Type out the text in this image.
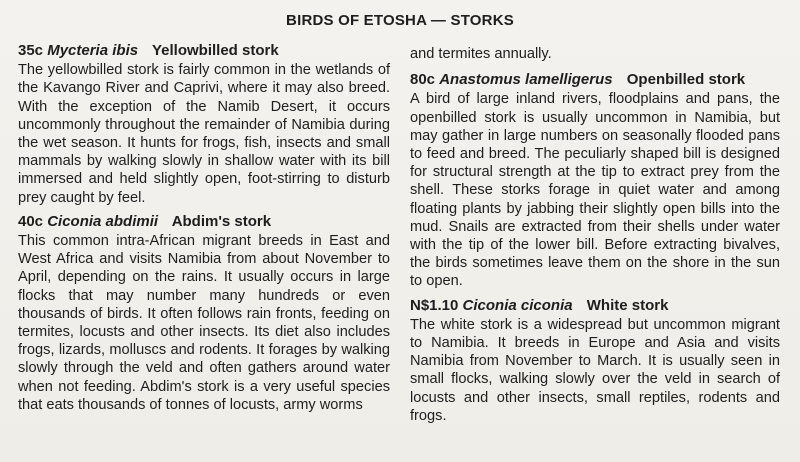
BIRDS OF ETOSHA — STORKS
35c Mycteria ibis Yellowbilled stork

The yellowbilled stork is fairly common in the wetlands of the Kavango River and Caprivi, where it may also breed. With the exception of the Namib Desert, it occurs uncommonly throughout the remainder of Namibia during the wet season. It hunts for frogs, fish, insects and small mammals by walking slowly in shallow water with its bill immersed and held slightly open, foot-stirring to disturb prey caught by feel.

40c Ciconia abdimii Abdim's stork

This common intra-African migrant breeds in East and West Africa and visits Namibia from about November to April, depending on the rains. It usually occurs in large flocks that may number many hundreds or even thousands of birds. It often follows rain fronts, feeding on termites, locusts and other insects. Its diet also includes frogs, lizards, molluscs and rodents. It forages by walking slowly through the veld and often gathers around water when not feeding. Abdim's stork is a very useful species that eats thousands of tonnes of locusts, army worms

and termites annually.

80c Anastomus lamelligerus Openbilled stork

A bird of large inland rivers, floodplains and pans, the openbilled stork is usually uncommon in Namibia, but may gather in large numbers on seasonally flooded pans to feed and breed. The peculiarly shaped bill is designed for structural strength at the tip to extract prey from the shell. These storks forage in quiet water and among floating plants by jabbing their slightly open bills into the mud. Snails are extracted from their shells under water with the tip of the lower bill. Before extracting bivalves, the birds sometimes leave them on the shore in the sun to open.

N$1.10 Ciconia ciconia White stork

The white stork is a widespread but uncommon migrant to Namibia. It breeds in Europe and Asia and visits Namibia from November to March. It is usually seen in small flocks, walking slowly over the veld in search of locusts and other insects, small reptiles, rodents and frogs.
